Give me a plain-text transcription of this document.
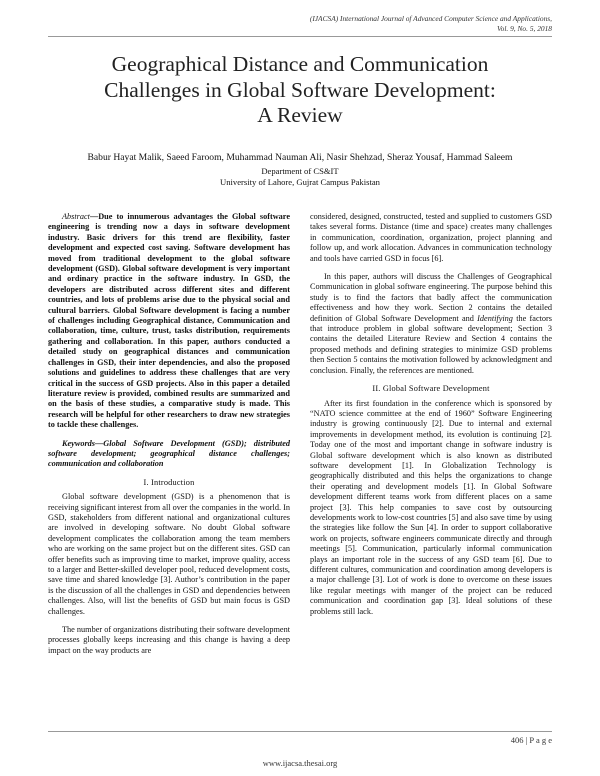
(IJACSA) International Journal of Advanced Computer Science and Applications,
Vol. 9, No. 5, 2018
Geographical Distance and Communication
Challenges in Global Software Development:
A Review
Babur Hayat Malik, Saeed Faroom, Muhammad Nauman Ali, Nasir Shehzad, Sheraz Yousaf, Hammad Saleem
Department of CS&IT
University of Lahore, Gujrat Campus Pakistan

Abstract—Due to innumerous advantages the Global software engineering is trending now a days in software development industry. Basic drivers for this trend are flexibility, faster development and expected cost saving. Software development has moved from traditional development to the global software development (GSD). Global software development is very important and ordinary practice in the software industry. In GSD, the developers are distributed across different sites and different countries, and lots of problems arise due to the physical social and cultural barriers. Global Software development is facing a number of challenges including Geographical distance, Communication and collaboration, time, culture, trust, tasks distribution, requirements gathering and collaboration. In this paper, authors conducted a detailed study on geographical distances and communication challenges in GSD, their inter dependencies, and also the proposed solutions and guidelines to address these challenges that are very critical in the success of GSD projects. Also in this paper a detailed literature review is provided, combined results are summarized and on the basis of these studies, a comparative study is made. This research will be helpful for other researchers to draw new strategies to tackle these challenges.

Keywords—Global Software Development (GSD); distributed software development; geographical distance challenges; communication and collaboration

I. Introduction

Global software development (GSD) is a phenomenon that is receiving significant interest from all over the companies in the world. In GSD, stakeholders from different national and organizational cultures are involved in developing software. No doubt Global software development complicates the collaboration among the team members who are working on the same project but on the different sites. GSD can offer benefits such as improving time to market, improve quality, access to a larger and Better-skilled developer pool, reduced development costs, save time and shared knowledge [3]. Author’s contribution in the paper is the discussion of all the challenges in GSD and dependencies between challenges. Also, will list the benefits of GSD but main focus is GSD challenges.

The number of organizations distributing their software development processes globally keeps increasing and this change is having a deep impact on the way products are

considered, designed, constructed, tested and supplied to customers GSD takes several forms. Distance (time and space) creates many challenges in communication, coordination, organization, project planning and follow up, and work allocation. Advances in communication technology and tools have carried GSD in focus [6].

In this paper, authors will discuss the Challenges of Geographical Communication in global software engineering. The purpose behind this study is to find the factors that badly affect the communication effectiveness and how they work. Section 2 contains the detailed definition of Global Software Development and Identifying the factors that introduce problem in global software development; Section 3 contains the detailed Literature Review and Section 4 contains the proposed methods and defining strategies to minimize GSD problems then Section 5 contains the motivation followed by acknowledgment and conclusion. Finally, the references are mentioned.

II. Global Software Development

After its first foundation in the conference which is sponsored by “NATO science committee at the end of 1960” Software Engineering industry is growing continuously [2]. Due to internal and external improvements in development method, its evolution is continuing [2]. Today one of the most and important change in software industry is Global software development which is also known as distributed software development [1]. In Globalization Technology is geographically distributed and this helps the organizations to change their operating and development models [1]. In Global Software development different teams work from different places on a same project [3]. This help companies to save cost by outsourcing developments work to low-cost countries [5] and also save time by using the strategies like follow the Sun [4]. In order to support collaborative work on projects, software engineers communicate directly and through meetings [5]. Communication, particularly informal communication plays an important role in the success of any GSD team [6]. Due to different cultures, communication and coordination among developers is a major challenge [3]. Lot of work is done to overcome on these issues like regular meetings with manger of the project can be reduced communication and coordination gap [3]. Ideal solutions of these problems still lack.

406 | P a g e
www.ijacsa.thesai.org
